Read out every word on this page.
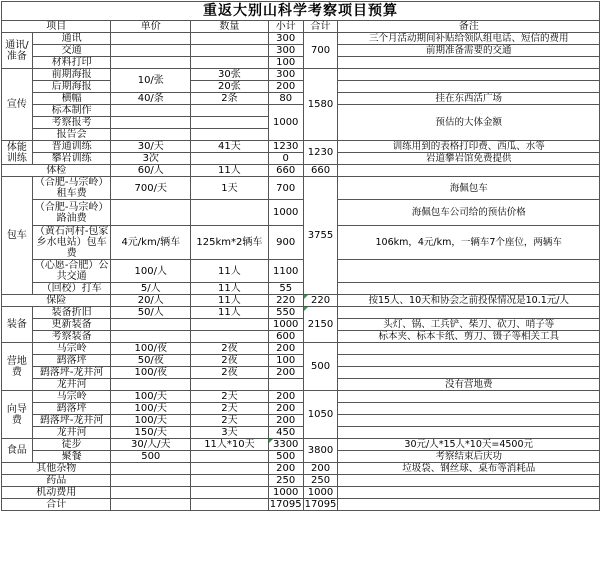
重返大别山科学考察项目预算						
项目		单价	数量	小计	合计	备注
通讯/准备	通讯			300	700	三个月活动期间补贴给领队组电话、短信的费用
	交通			300		前期准备需要的交通
	材料打印			100		
宣传	前期海报	10/张	30张	300	1580	
	后期海报		20张	200		
	横幅	40/条	2条	80		挂在东西活广场
	标本制作			1000		预估的大体金额
	考察报考					
	报告会					
体能训练	普通训练	30/天	41天	1230	1230	训练用到的表格打印费、西瓜、水等
	攀岩训练	3次		0		岩道攀岩馆免费提供
体检		60/人	11人	660	660	
包车	（合肥-马宗岭）租车费	700/天	1天	700	3755	海佩包车
	（合肥-马宗岭）路油费			1000		海佩包车公司给的预估价格
	（黄石河村-包家乡水电站）包车费	4元/km/辆车	125km*2辆车	900		106km，4元/km，一辆车7个座位，两辆车
	（心愿-合肥）公共交通	100/人	11人	1100		
	（回校）打车	5/人	11人	55		
保险		20/人	11人	220	220	按15人、10天和协会之前投保情况是10.1元/人
装备	装备折旧	50/人	11人	550	2150	
	更新装备			1000		头灯、锅、工兵铲、柴刀、砍刀、哨子等
	考察装备			600		标本夹、标本卡纸、剪刀、镊子等相关工具
营地费	马宗岭	100/夜	2夜	200	500	
	鹞落坪	50/夜	2夜	100		
	鹞落坪-龙井河	100/夜	2夜	200		
	龙井河					没有营地费
向导费	马宗岭	100/天	2天	200	1050	
	鹞落坪	100/天	2天	200		
	鹞落坪-龙井河	100/天	2天	200		
	龙井河	150/天	3天	450		
食品	徒步	30/人/天	11人*10天	3300	3800	30元/人*15人*10天=4500元
	聚餐	500		500		考察结束后庆功
其他杂物				200	200	垃圾袋、钢丝球、桌布等消耗品
药品				250	250	
机动费用				1000	1000	
合计				17095	17095	
